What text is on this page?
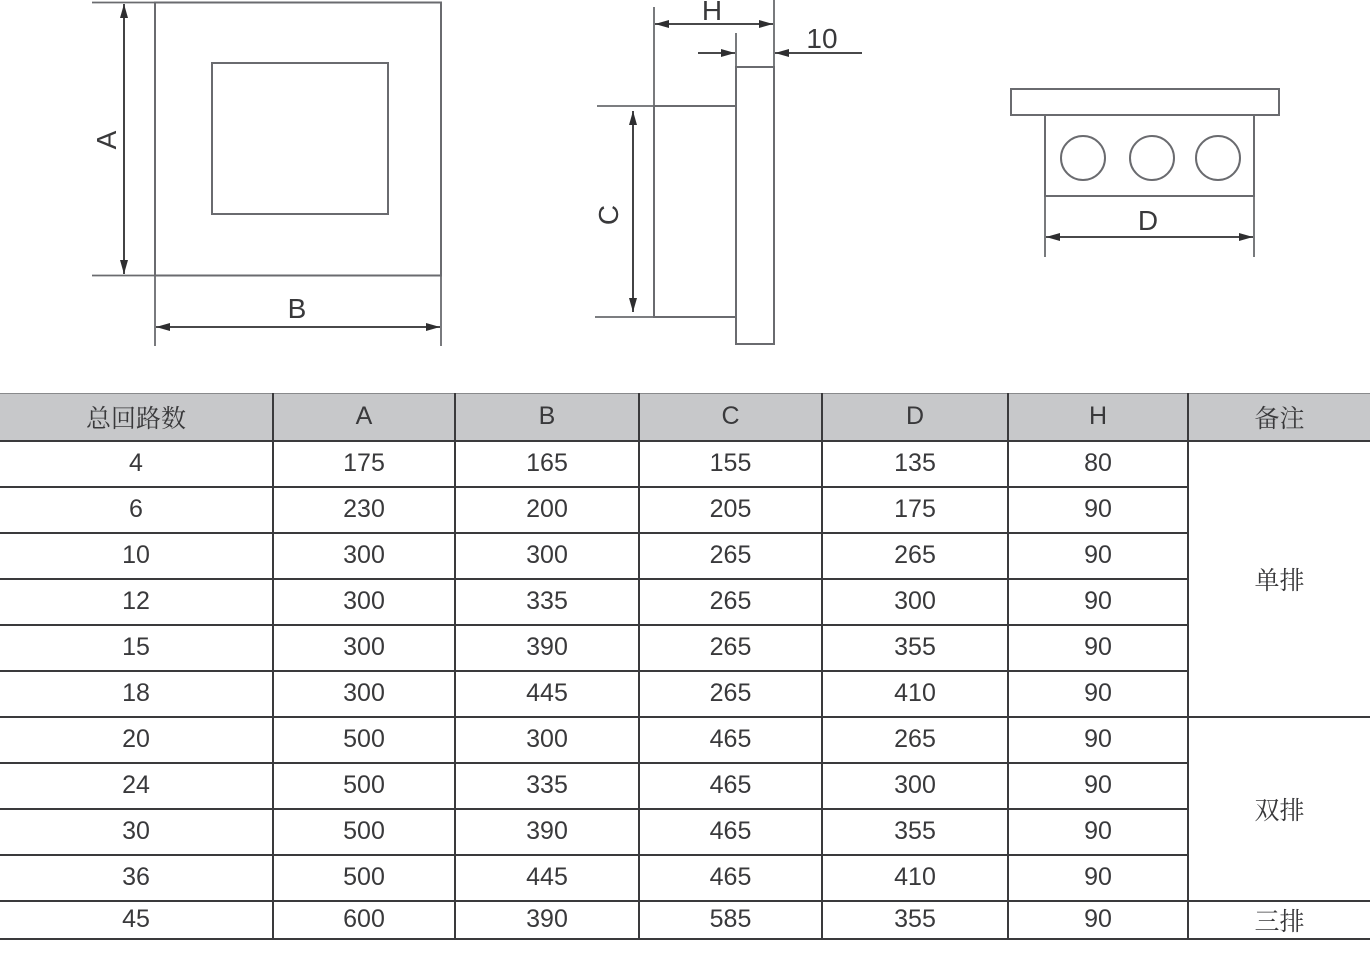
A
B
H
10
C	D
总回路数	A	B	C	D	H	备注
4	175	165	155	135	80	单排
6	230	200	205	175	90	
10	300	300	265	265	90	
12	300	335	265	300	90	
15	300	390	265	355	90	
18	300	445	265	410	90	
20	500	300	465	265	90	双排
24	500	335	465	300	90	
30	500	390	465	355	90	
36	500	445	465	410	90	
45	600	390	585	355	90	三排
